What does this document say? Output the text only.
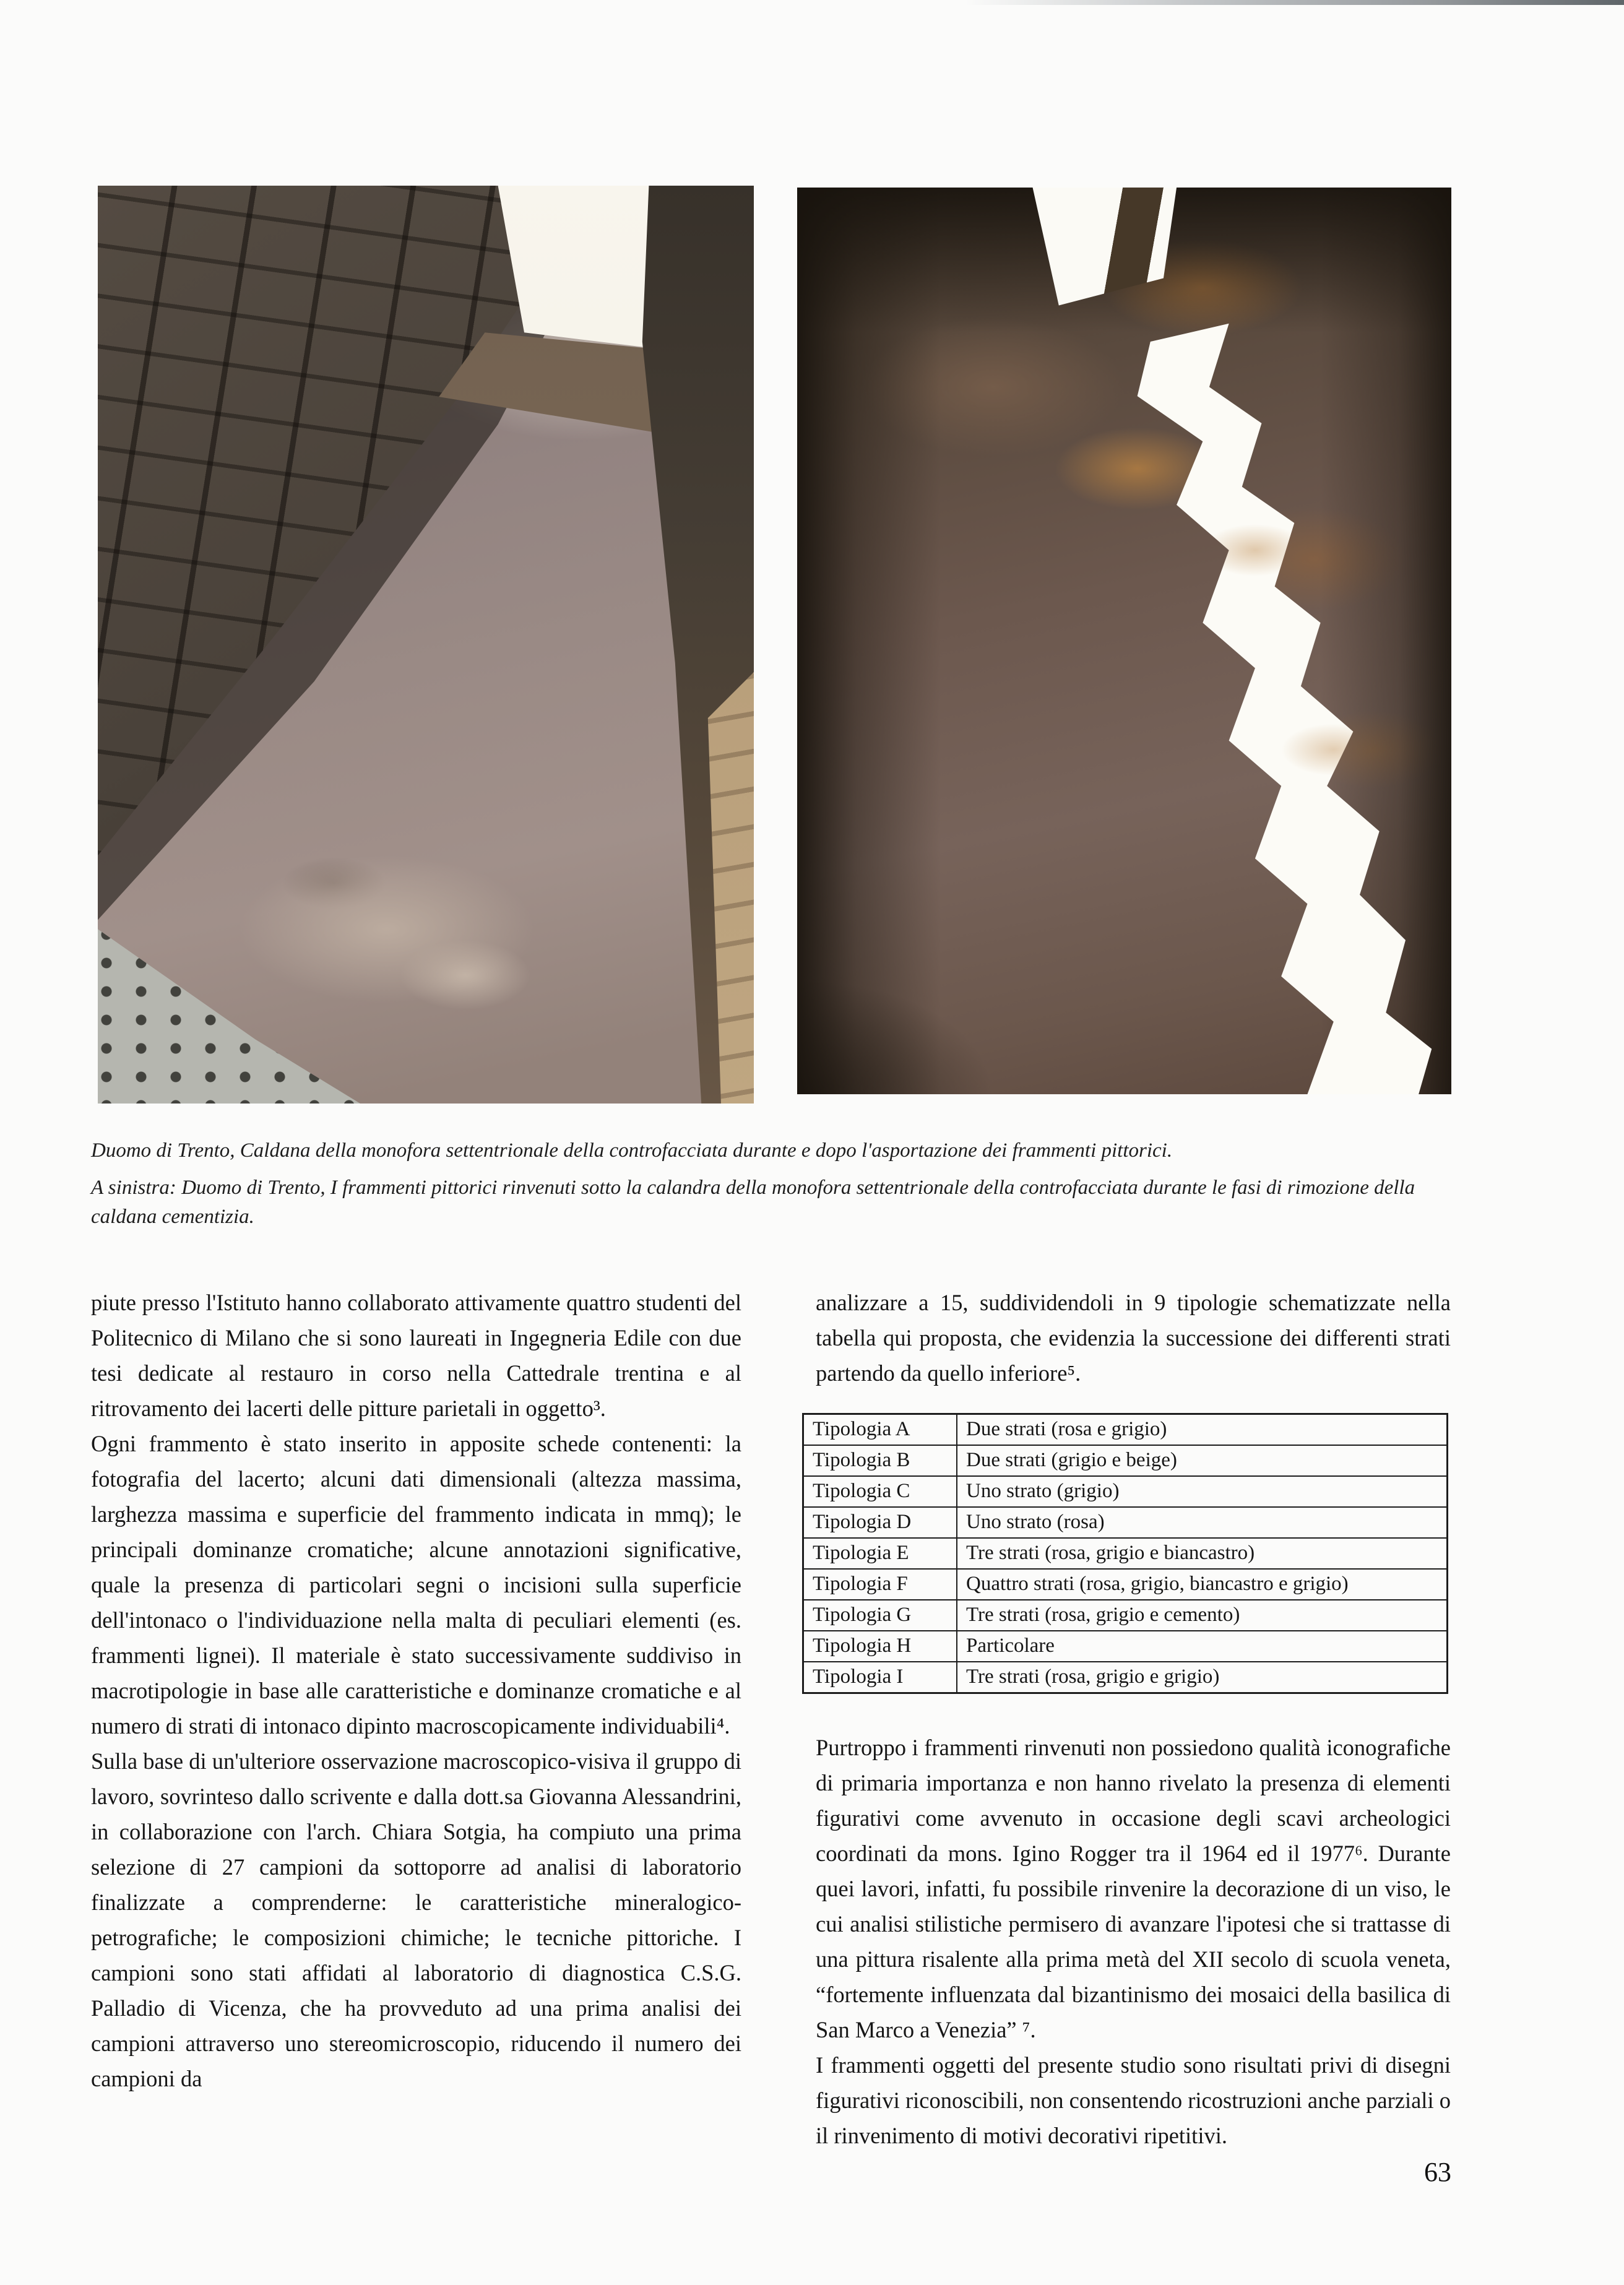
Duomo di Trento, Caldana della monofora settentrionale della controfacciata durante e dopo l'asportazione dei frammenti pittorici.

A sinistra: Duomo di Trento, I frammenti pittorici rinvenuti sotto la calandra della monofora settentrionale della controfacciata durante le fasi di rimozione della caldana cementizia.

piute presso l'Istituto hanno collaborato attivamente quattro studenti del Politecnico di Milano che si sono laureati in Ingegneria Edile con due tesi dedicate al restauro in corso nella Cattedrale trentina e al ritrovamento dei lacerti delle pitture parietali in oggetto³.

Ogni frammento è stato inserito in apposite schede contenenti: la fotografia del lacerto; alcuni dati dimensionali (altezza massima, larghezza massima e superficie del frammento indicata in mmq); le principali dominanze cromatiche; alcune annotazioni significative, quale la presenza di particolari segni o incisioni sulla superficie dell'intonaco o l'individuazione nella malta di peculiari elementi (es. frammenti lignei). Il materiale è stato successivamente suddiviso in macrotipologie in base alle caratteristiche e dominanze cromatiche e al numero di strati di intonaco dipinto macroscopicamente individuabili⁴.

Sulla base di un'ulteriore osservazione macroscopico-visiva il gruppo di lavoro, sovrinteso dallo scrivente e dalla dott.sa Giovanna Alessandrini, in collaborazione con l'arch. Chiara Sotgia, ha compiuto una prima selezione di 27 campioni da sottoporre ad analisi di laboratorio finalizzate a comprenderne: le caratteristiche mineralogico-petrografiche; le composizioni chimiche; le tecniche pittoriche. I campioni sono stati affidati al laboratorio di diagnostica C.S.G. Palladio di Vicenza, che ha provveduto ad una prima analisi dei campioni attraverso uno stereomicroscopio, riducendo il numero dei campioni da

analizzare a 15, suddividendoli in 9 tipologie schematizzate nella tabella qui proposta, che evidenzia la successione dei differenti strati partendo da quello inferiore⁵.

Tipologia A	Due strati (rosa e grigio)
Tipologia B	Due strati (grigio e beige)
Tipologia C	Uno strato (grigio)
Tipologia D	Uno strato (rosa)
Tipologia E	Tre strati (rosa, grigio e biancastro)
Tipologia F	Quattro strati (rosa, grigio, biancastro e grigio)
Tipologia G	Tre strati (rosa, grigio e cemento)
Tipologia H	Particolare
Tipologia I	Tre strati (rosa, grigio e grigio)

Purtroppo i frammenti rinvenuti non possiedono qualità iconografiche di primaria importanza e non hanno rivelato la presenza di elementi figurativi come avvenuto in occasione degli scavi archeologici coordinati da mons. Igino Rogger tra il 1964 ed il 1977⁶. Durante quei lavori, infatti, fu possibile rinvenire la decorazione di un viso, le cui analisi stilistiche permisero di avanzare l'ipotesi che si trattasse di una pittura risalente alla prima metà del XII secolo di scuola veneta, “fortemente influenzata dal bizantinismo dei mosaici della basilica di San Marco a Venezia” ⁷.

I frammenti oggetti del presente studio sono risultati privi di disegni figurativi riconoscibili, non consentendo ricostruzioni anche parziali o il rinvenimento di motivi decorativi ripetitivi.

63
